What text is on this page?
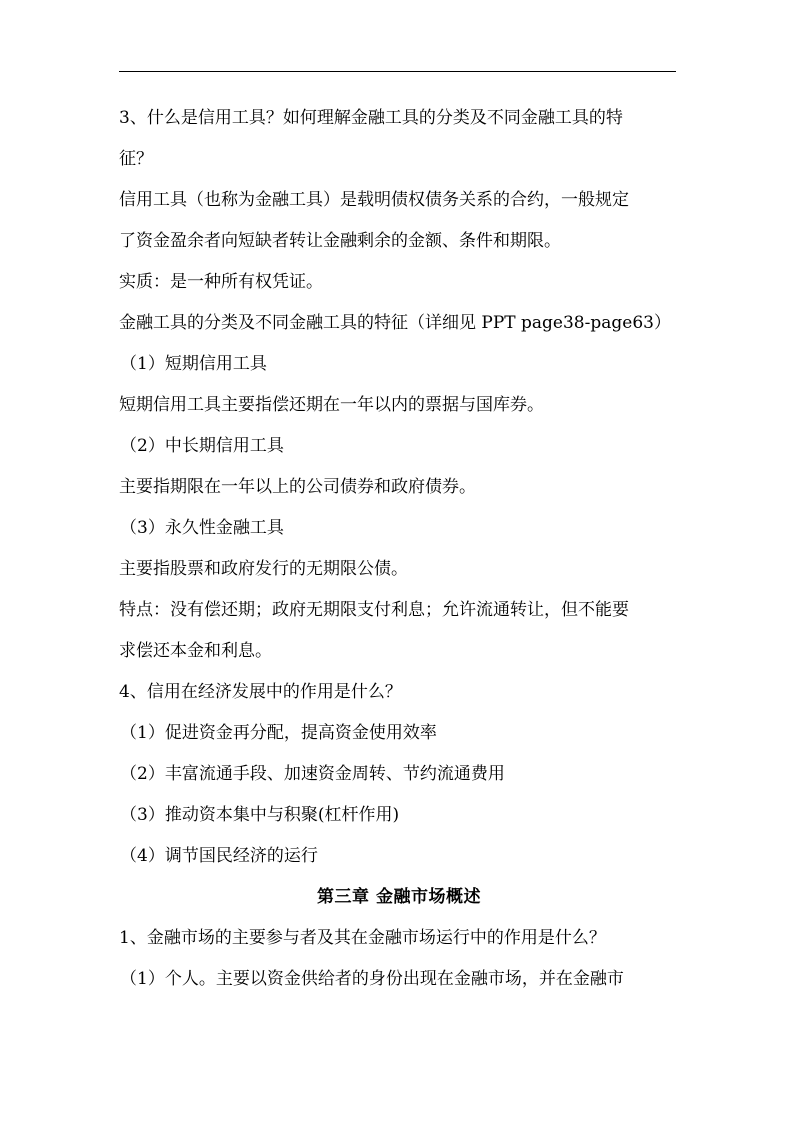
3、什么是信用工具？如何理解金融工具的分类及不同金融工具的特
征？
信用工具（也称为金融工具）是载明债权债务关系的合约，一般规定
了资金盈余者向短缺者转让金融剩余的金额、条件和期限。
实质：是一种所有权凭证。
金融工具的分类及不同金融工具的特征（详细见 PPT page38-page63）
（1）短期信用工具
短期信用工具主要指偿还期在一年以内的票据与国库券。
（2）中长期信用工具
主要指期限在一年以上的公司债券和政府债券。
（3）永久性金融工具
主要指股票和政府发行的无期限公债。
特点：没有偿还期；政府无期限支付利息；允许流通转让，但不能要
求偿还本金和利息。
4、信用在经济发展中的作用是什么？
（1）促进资金再分配，提高资金使用效率
（2）丰富流通手段、加速资金周转、节约流通费用
（3）推动资本集中与积聚(杠杆作用)
（4）调节国民经济的运行
第三章 金融市场概述
1、金融市场的主要参与者及其在金融市场运行中的作用是什么？
（1）个人。主要以资金供给者的身份出现在金融市场，并在金融市
